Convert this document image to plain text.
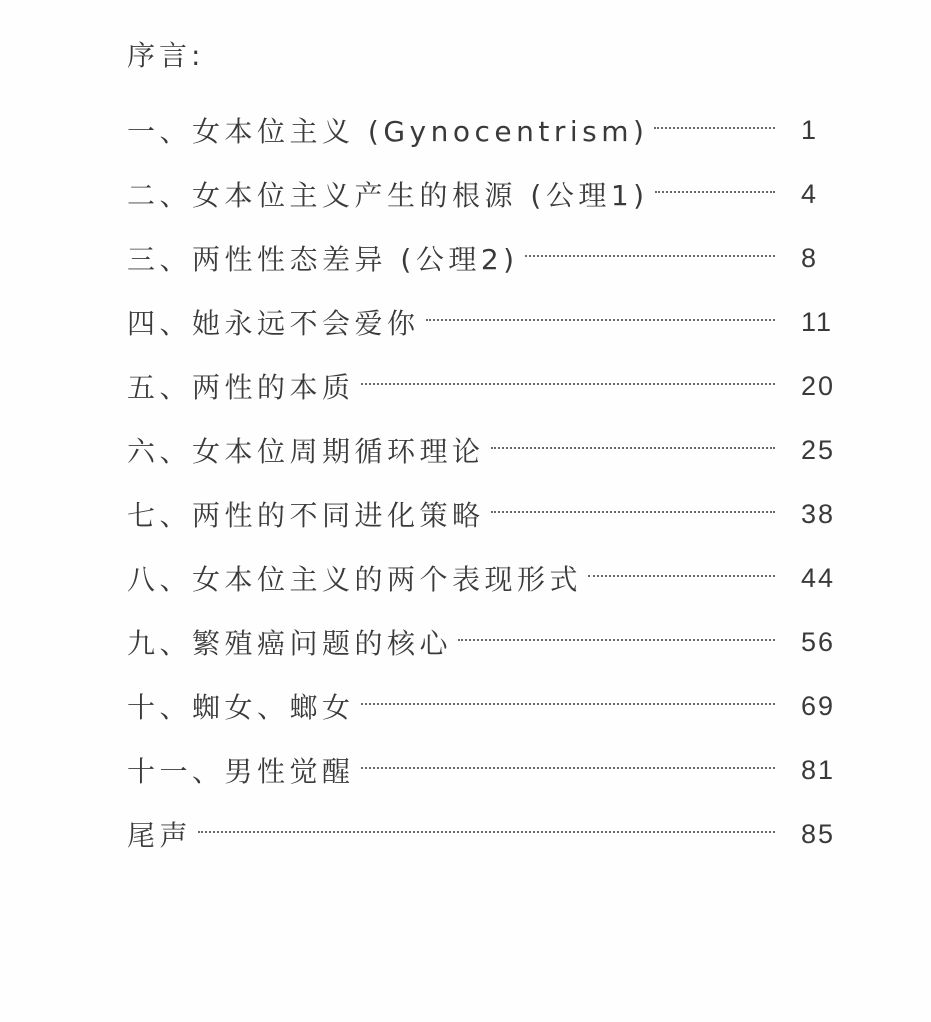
序言:
一、女本位主义 (Gynocentrism)	1
二、女本位主义产生的根源 (公理1)	4
三、两性性态差异 (公理2)	8
四、她永远不会爱你	11
五、两性的本质	20
六、女本位周期循环理论	25
七、两性的不同进化策略	38
八、女本位主义的两个表现形式	44
九、繁殖癌问题的核心	56
十、蜘女、螂女	69
十一、男性觉醒	81
尾声	85
